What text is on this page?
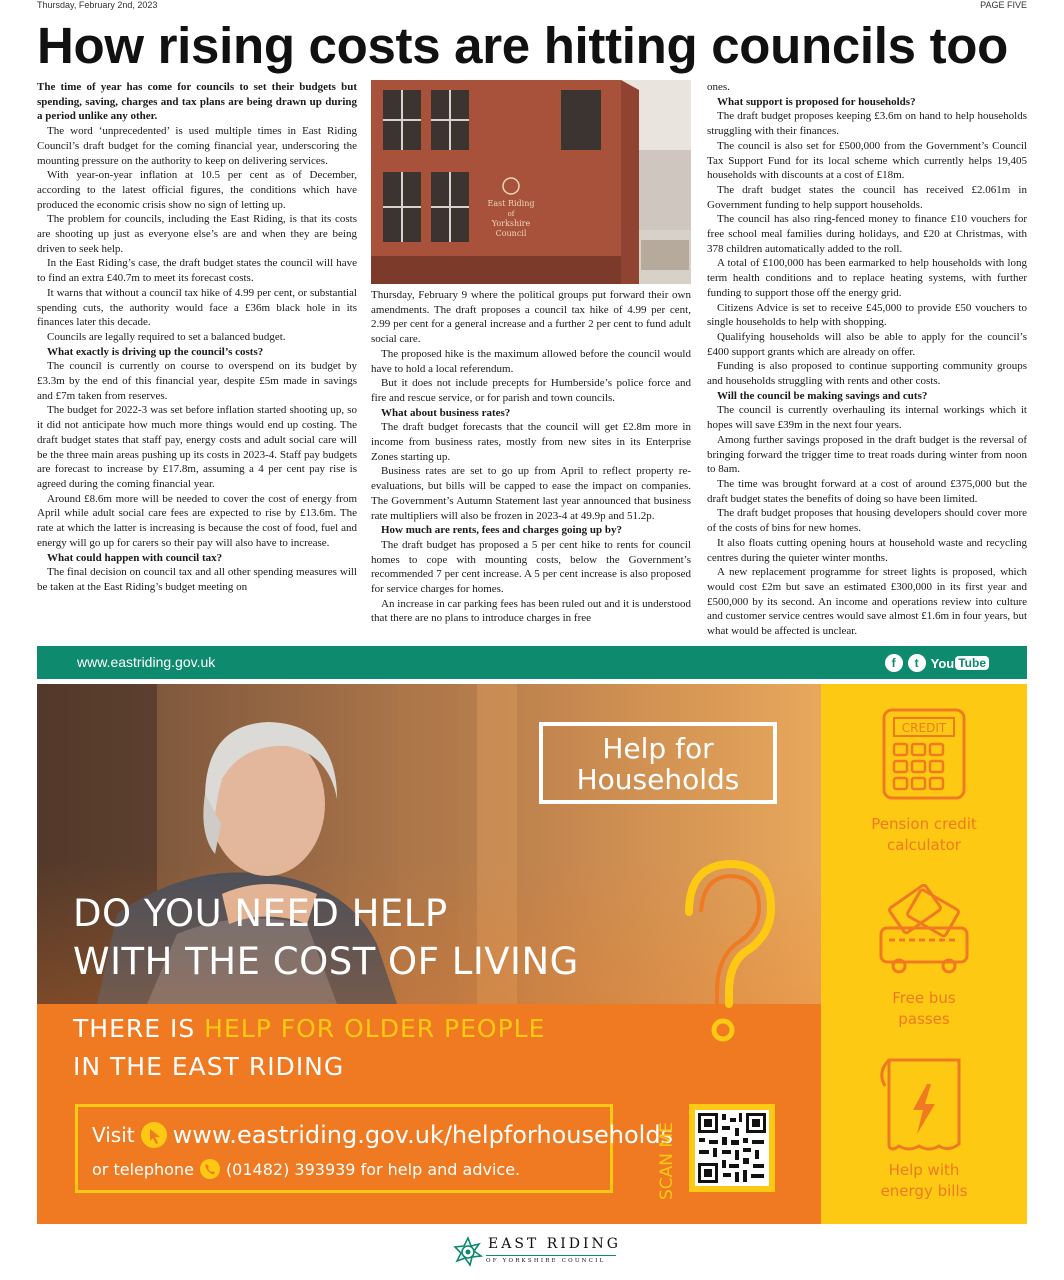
Thursday, February 2nd, 2023	PAGE FIVE
How rising costs are hitting councils too

The time of year has come for councils to set their budgets but spending, saving, charges and tax plans are being drawn up during a period unlike any other.

The word ‘unprecedented’ is used multiple times in East Riding Council’s draft budget for the coming financial year, underscoring the mounting pressure on the authority to keep on delivering services.

With year-on-year inflation at 10.5 per cent as of December, according to the latest official figures, the conditions which have produced the economic crisis show no sign of letting up.

The problem for councils, including the East Riding, is that its costs are shooting up just as everyone else’s are and when they are being driven to seek help.

In the East Riding’s case, the draft budget states the council will have to find an extra £40.7m to meet its forecast costs.

It warns that without a council tax hike of 4.99 per cent, or substantial spending cuts, the authority would face a £36m black hole in its finances later this decade.

Councils are legally required to set a balanced budget.

What exactly is driving up the council’s costs?

The council is currently on course to overspend on its budget by £3.3m by the end of this financial year, despite £5m made in savings and £7m taken from reserves.

The budget for 2022-3 was set before inflation started shooting up, so it did not anticipate how much more things would end up costing. The draft budget states that staff pay, energy costs and adult social care will be the three main areas pushing up its costs in 2023-4. Staff pay budgets are forecast to increase by £17.8m, assuming a 4 per cent pay rise is agreed during the coming financial year.

Around £8.6m more will be needed to cover the cost of energy from April while adult social care fees are expected to rise by £13.6m. The rate at which the latter is increasing is because the cost of food, fuel and energy will go up for carers so their pay will also have to increase.

What could happen with council tax?

The final decision on council tax and all other spending measures will be taken at the East Riding’s budget meeting on

East Riding
of
Yorkshire
Council

Thursday, February 9 where the political groups put forward their own amendments. The draft proposes a council tax hike of 4.99 per cent, 2.99 per cent for a general increase and a further 2 per cent to fund adult social care.

The proposed hike is the maximum allowed before the council would have to hold a local referendum.

But it does not include precepts for Humberside’s police force and fire and rescue service, or for parish and town councils.

What about business rates?

The draft budget forecasts that the council will get £2.8m more in income from business rates, mostly from new sites in its Enterprise Zones starting up.

Business rates are set to go up from April to reflect property re-evaluations, but bills will be capped to ease the impact on companies. The Government’s Autumn Statement last year announced that business rate multipliers will also be frozen in 2023-4 at 49.9p and 51.2p.

How much are rents, fees and charges going up by?

The draft budget has proposed a 5 per cent hike to rents for council homes to cope with mounting costs, below the Government’s recommended 7 per cent increase. A 5 per cent increase is also proposed for service charges for homes.

An increase in car parking fees has been ruled out and it is understood that there are no plans to introduce charges in free

ones.

What support is proposed for households?

The draft budget proposes keeping £3.6m on hand to help households struggling with their finances.

The council is also set for £500,000 from the Government’s Council Tax Support Fund for its local scheme which currently helps 19,405 households with discounts at a cost of £18m.

The draft budget states the council has received £2.061m in Government funding to help support households.

The council has also ring-fenced money to finance £10 vouchers for free school meal families during holidays, and £20 at Christmas, with 378 children automatically added to the roll.

A total of £100,000 has been earmarked to help households with long term health conditions and to replace heating systems, with further funding to support those off the energy grid.

Citizens Advice is set to receive £45,000 to provide £50 vouchers to single households to help with shopping.

Qualifying households will also be able to apply for the council’s £400 support grants which are already on offer.

Funding is also proposed to continue supporting community groups and households struggling with rents and other costs.

Will the council be making savings and cuts?

The council is currently overhauling its internal workings which it hopes will save £39m in the next four years.

Among further savings proposed in the draft budget is the reversal of bringing forward the trigger time to treat roads during winter from noon to 8am.

The time was brought forward at a cost of around £375,000 but the draft budget states the benefits of doing so have been limited.

The draft budget proposes that housing developers should cover more of the costs of bins for new homes.

It also floats cutting opening hours at household waste and recycling centres during the quieter winter months.

A new replacement programme for street lights is proposed, which would cost £2m but save an estimated £300,000 in its first year and £500,000 by its second. An income and operations review into culture and customer service centres would save almost £1.6m in four years, but what would be affected is unclear.

www.eastriding.gov.uk	f	t You Tube
Help for
Households
DO YOU NEED HELP
WITH THE COST OF LIVING
THERE IS HELP FOR OLDER PEOPLE
IN THE EAST RIDING
Visit www.eastriding.gov.uk/helpforhouseholds
or telephone (01482) 393939 for help and advice.	SCAN ME
CREDIT
Pension credit
calculator
Free bus
passes
Help with
energy bills
EAST RIDING
OF YORKSHIRE COUNCIL
